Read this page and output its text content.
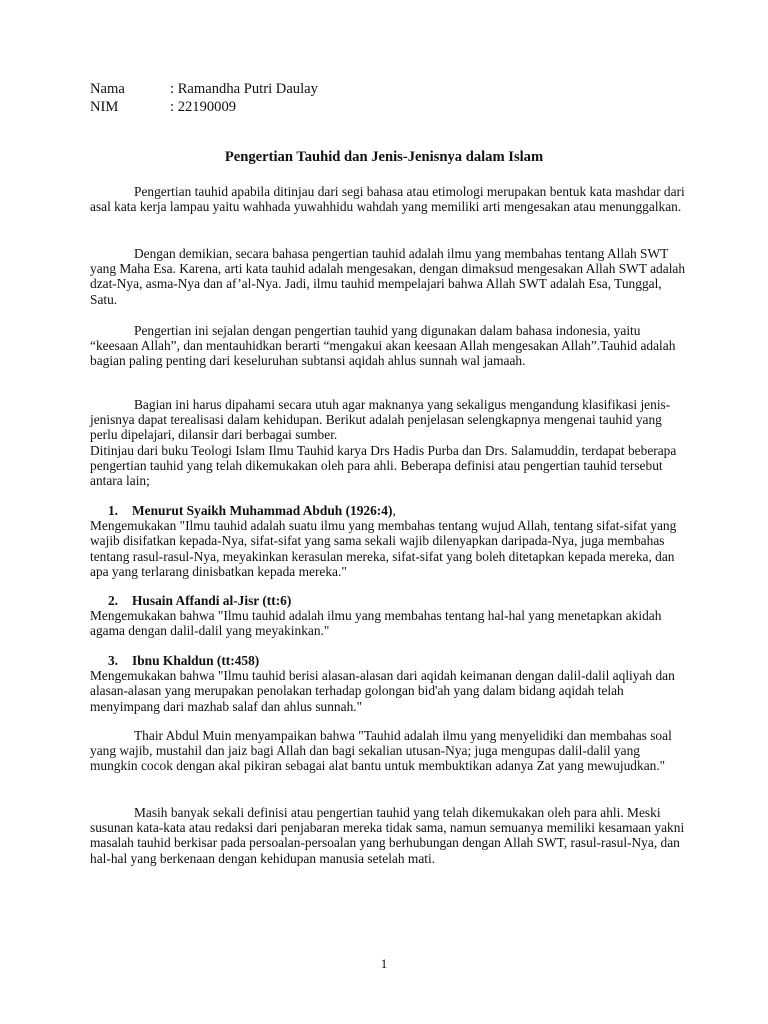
Nama	: Ramandha Putri Daulay
NIM	: 22190009
Pengertian Tauhid dan Jenis-Jenisnya dalam Islam

Pengertian tauhid apabila ditinjau dari segi bahasa atau etimologi merupakan bentuk kata mashdar dari asal kata kerja lampau yaitu wahhada yuwahhidu wahdah yang memiliki arti mengesakan atau menunggalkan.

Dengan demikian, secara bahasa pengertian tauhid adalah ilmu yang membahas tentang Allah SWT yang Maha Esa. Karena, arti kata tauhid adalah mengesakan, dengan dimaksud mengesakan Allah SWT adalah dzat-Nya, asma-Nya dan af’al-Nya. Jadi, ilmu tauhid mempelajari bahwa Allah SWT adalah Esa, Tunggal, Satu.

Pengertian ini sejalan dengan pengertian tauhid yang digunakan dalam bahasa indonesia, yaitu “keesaan Allah”, dan mentauhidkan berarti “mengakui akan keesaan Allah mengesakan Allah”.Tauhid adalah bagian paling penting dari keseluruhan subtansi aqidah ahlus sunnah wal jamaah.

Bagian ini harus dipahami secara utuh agar maknanya yang sekaligus mengandung klasifikasi jenis-jenisnya dapat terealisasi dalam kehidupan. Berikut adalah penjelasan selengkapnya mengenai tauhid yang perlu dipelajari, dilansir dari berbagai sumber.

Ditinjau dari buku Teologi Islam Ilmu Tauhid karya Drs Hadis Purba dan Drs. Salamuddin, terdapat beberapa pengertian tauhid yang telah dikemukakan oleh para ahli. Beberapa definisi atau pengertian tauhid tersebut antara lain;

1. Menurut Syaikh Muhammad Abduh (1926:4),

Mengemukakan "Ilmu tauhid adalah suatu ilmu yang membahas tentang wujud Allah, tentang sifat-sifat yang wajib disifatkan kepada-Nya, sifat-sifat yang sama sekali wajib dilenyapkan daripada-Nya, juga membahas tentang rasul-rasul-Nya, meyakinkan kerasulan mereka, sifat-sifat yang boleh ditetapkan kepada mereka, dan apa yang terlarang dinisbatkan kepada mereka."

2. Husain Affandi al-Jisr (tt:6)

Mengemukakan bahwa "Ilmu tauhid adalah ilmu yang membahas tentang hal-hal yang menetapkan akidah agama dengan dalil-dalil yang meyakinkan."

3. Ibnu Khaldun (tt:458)

Mengemukakan bahwa "Ilmu tauhid berisi alasan-alasan dari aqidah keimanan dengan dalil-dalil aqliyah dan alasan-alasan yang merupakan penolakan terhadap golongan bid'ah yang dalam bidang aqidah telah menyimpang dari mazhab salaf dan ahlus sunnah."

Thair Abdul Muin menyampaikan bahwa "Tauhid adalah ilmu yang menyelidiki dan membahas soal yang wajib, mustahil dan jaiz bagi Allah dan bagi sekalian utusan-Nya; juga mengupas dalil-dalil yang mungkin cocok dengan akal pikiran sebagai alat bantu untuk membuktikan adanya Zat yang mewujudkan."

Masih banyak sekali definisi atau pengertian tauhid yang telah dikemukakan oleh para ahli. Meski susunan kata-kata atau redaksi dari penjabaran mereka tidak sama, namun semuanya memiliki kesamaan yakni masalah tauhid berkisar pada persoalan-persoalan yang berhubungan dengan Allah SWT, rasul-rasul-Nya, dan hal-hal yang berkenaan dengan kehidupan manusia setelah mati.

1
